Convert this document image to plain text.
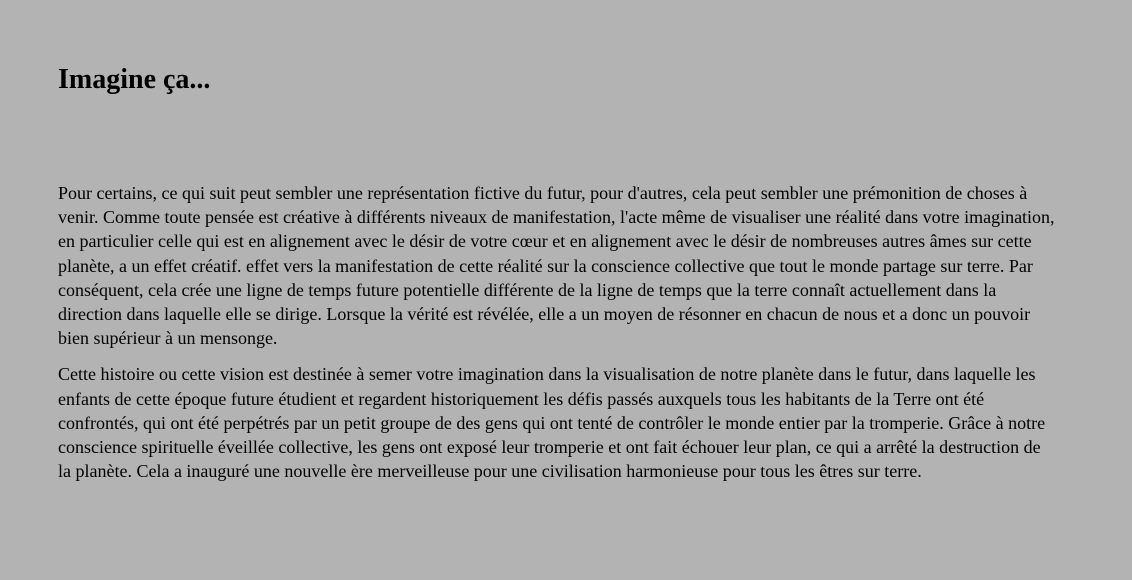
Imagine ça...

Pour certains, ce qui suit peut sembler une représentation fictive du futur, pour d'autres, cela peut sembler une prémonition de choses à venir. Comme toute pensée est créative à différents niveaux de manifestation, l'acte même de visualiser une réalité dans votre imagination, en particulier celle qui est en alignement avec le désir de votre cœur et en alignement avec le désir de nombreuses autres âmes sur cette planète, a un effet créatif. effet vers la manifestation de cette réalité sur la conscience collective que tout le monde partage sur terre. Par conséquent, cela crée une ligne de temps future potentielle différente de la ligne de temps que la terre connaît actuellement dans la direction dans laquelle elle se dirige. Lorsque la vérité est révélée, elle a un moyen de résonner en chacun de nous et a donc un pouvoir bien supérieur à un mensonge.

Cette histoire ou cette vision est destinée à semer votre imagination dans la visualisation de notre planète dans le futur, dans laquelle les enfants de cette époque future étudient et regardent historiquement les défis passés auxquels tous les habitants de la Terre ont été confrontés, qui ont été perpétrés par un petit groupe de des gens qui ont tenté de contrôler le monde entier par la tromperie. Grâce à notre conscience spirituelle éveillée collective, les gens ont exposé leur tromperie et ont fait échouer leur plan, ce qui a arrêté la destruction de la planète. Cela a inauguré une nouvelle ère merveilleuse pour une civilisation harmonieuse pour tous les êtres sur terre.
